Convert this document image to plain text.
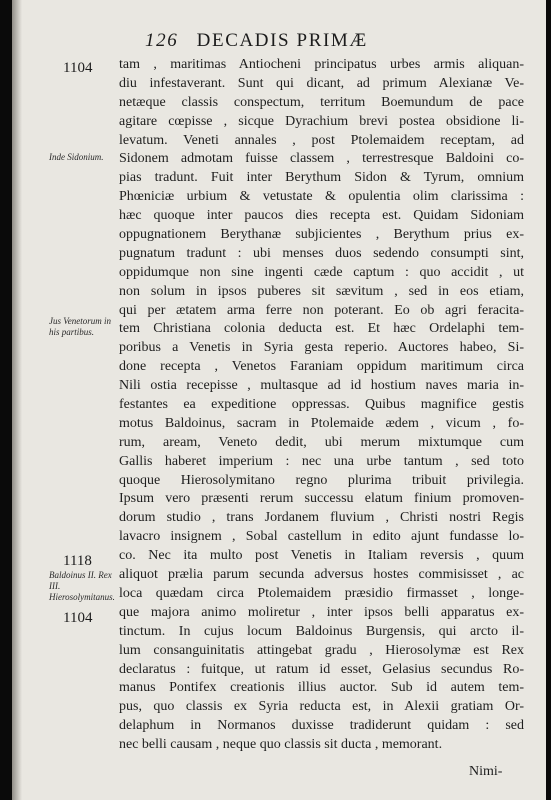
126 DECADIS PRIMÆ
1104
Inde Sidonium.
Jus Venetorum in his partibus.
1118
Baldoinus II. Rex III. Hierosolymitanus.
1104
tam , maritimas Antiocheni principatus urbes armis aliquan-
diu infestaverant. Sunt qui dicant, ad primum Alexianæ Ve-
netæque classis conspectum, territum Boemundum de pace
agitare cœpisse , sicque Dyrachium brevi postea obsidione li-
levatum. Veneti annales , post Ptolemaidem receptam, ad
Sidonem admotam fuisse classem , terrestresque Baldoini co-
pias tradunt. Fuit inter Berythum Sidon & Tyrum, omnium
Phœniciæ urbium & vetustate & opulentia olim clarissima :
hæc quoque inter paucos dies recepta est. Quidam Sidoniam
oppugnationem Berythanæ subjicientes , Berythum prius ex-
pugnatum tradunt : ubi menses duos sedendo consumpti sint,
oppidumque non sine ingenti cæde captum : quo accidit , ut
non solum in ipsos puberes sit sævitum , sed in eos etiam,
qui per ætatem arma ferre non poterant. Eo ob agri feracita-
tem Christiana colonia deducta est. Et hæc Ordelaphi tem-
poribus a Venetis in Syria gesta reperio. Auctores habeo, Si-
done recepta , Venetos Faraniam oppidum maritimum circa
Nili ostia recepisse , multasque ad id hostium naves maria in-
festantes ea expeditione oppressas. Quibus magnifice gestis
motus Baldoinus, sacram in Ptolemaide ædem , vicum , fo-
rum, aream, Veneto dedit, ubi merum mixtumque cum
Gallis haberet imperium : nec una urbe tantum , sed toto
quoque Hierosolymitano regno plurima tribuit privilegia.
Ipsum vero præsenti rerum successu elatum finium promoven-
dorum studio , trans Jordanem fluvium , Christi nostri Regis
lavacro insignem , Sobal castellum in edito ajunt fundasse lo-
co. Nec ita multo post Venetis in Italiam reversis , quum
aliquot prælia parum secunda adversus hostes commisisset , ac
loca quædam circa Ptolemaidem præsidio firmasset , longe-
que majora animo moliretur , inter ipsos belli apparatus ex-
tinctum. In cujus locum Baldoinus Burgensis, qui arcto il-
lum consanguinitatis attingebat gradu , Hierosolymæ est Rex
declaratus : fuitque, ut ratum id esset, Gelasius secundus Ro-
manus Pontifex creationis illius auctor. Sub id autem tem-
pus, quo classis ex Syria reducta est, in Alexii gratiam Or-
delaphum in Normanos duxisse tradiderunt quidam : sed
nec belli causam , neque quo classis sit ducta , memorant.
Nimi-
